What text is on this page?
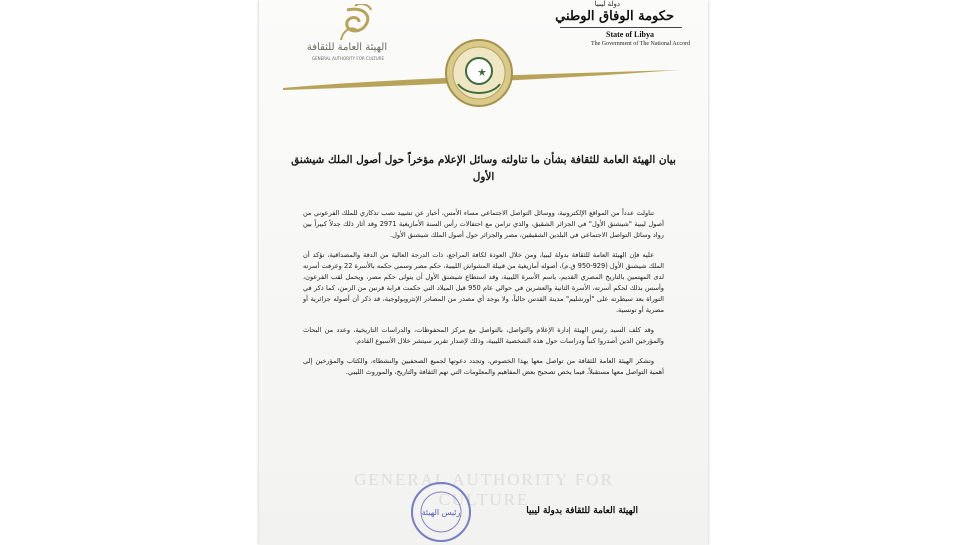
الهيئة العامة للثقافة
GENERAL AUTHORITY FOR CULTURE
دولة ليبيا
حكومة الوفاق الوطني
State of Libya
The Government of The National Accord
بيان الهيئة العامة للثقافة بشأن ما تناولته وسائل الإعلام مؤخراً حول أصول الملك شيشنق الأول

تناولت عدداً من المواقع الإلكترونية، ووسائل التواصل الاجتماعي مساء الأمس، أخبار عن تشييد نصب تذكاري للملك الفرعوني من أصول ليبية "شيشنق الأول" في الجزائر الشقيق، والذي تزامن مع احتفالات رأس السنة الأمازيغية 2971 وقد أثار ذلك جدلاً كبيراً بين رواد وسائل التواصل الاجتماعي في البلدين الشقيقين، مصر والجزائر حول أصول الملك شيشنق الأول.

عليه فإن الهيئة العامة للثقافة بدولة ليبيا، ومن خلال العودة لكافة المراجع، ذات الدرجة العالية من الدقة والمصداقية، تؤكد أن الملك شيشنق الأول (929-950 ق.م)، أصوله أمازيغية من قبيلة المشواش الليبية، حكم مصر وسمي حكمه بالأسرة 22 وعرفت أسرته لدى المهتمين بالتاريخ المصري القديم، باسم الأسرة الليبية، وقد استطاع شيشنق الأول أن يتولى حكم مصر، ويحمل لقب الفرعون، وأسس بذلك لحكم أسرته، الأسرة الثانية والعشرين في حوالي عام 950 قبل الميلاد التي حكمت قرابة قرنين من الزمن، كما ذكر في التوراة بعد سيطرته على "أورشليم" مدينة القدس حالياً، ولا يوجد أي مصدر من المصادر الإنثروبولوجية، قد ذكر أن أصوله جزائرية أو مصرية أو تونسية.

وقد كلف السيد رئيس الهيئة إدارة الإعلام والتواصل، بالتواصل مع مركز المحفوظات، والدراسات التاريخية، وعدد من البحاث والمؤرخين الذين أصدروا كتباً ودراسات حول هذه الشخصية الليبية، وذلك لإصدار تقرير سيتشر خلال الأسبوع القادم.

وتشكر الهيئة العامة للثقافة من تواصل معها بهذا الخصوص، وتجدد دعوتها لجميع الصحفيين والنشطاء، والكتاب والمؤرخين إلى أهمية التواصل معها مستقبلاً، فيما يخص تصحيح بعض المفاهيم والمعلومات التي تهم الثقافة والتاريخ، والموروث الليبي.

GENERAL AUTHORITY FOR CULTURE
رئيس الهيئة	الهيئة العامة للثقافة بدولة ليبيا
